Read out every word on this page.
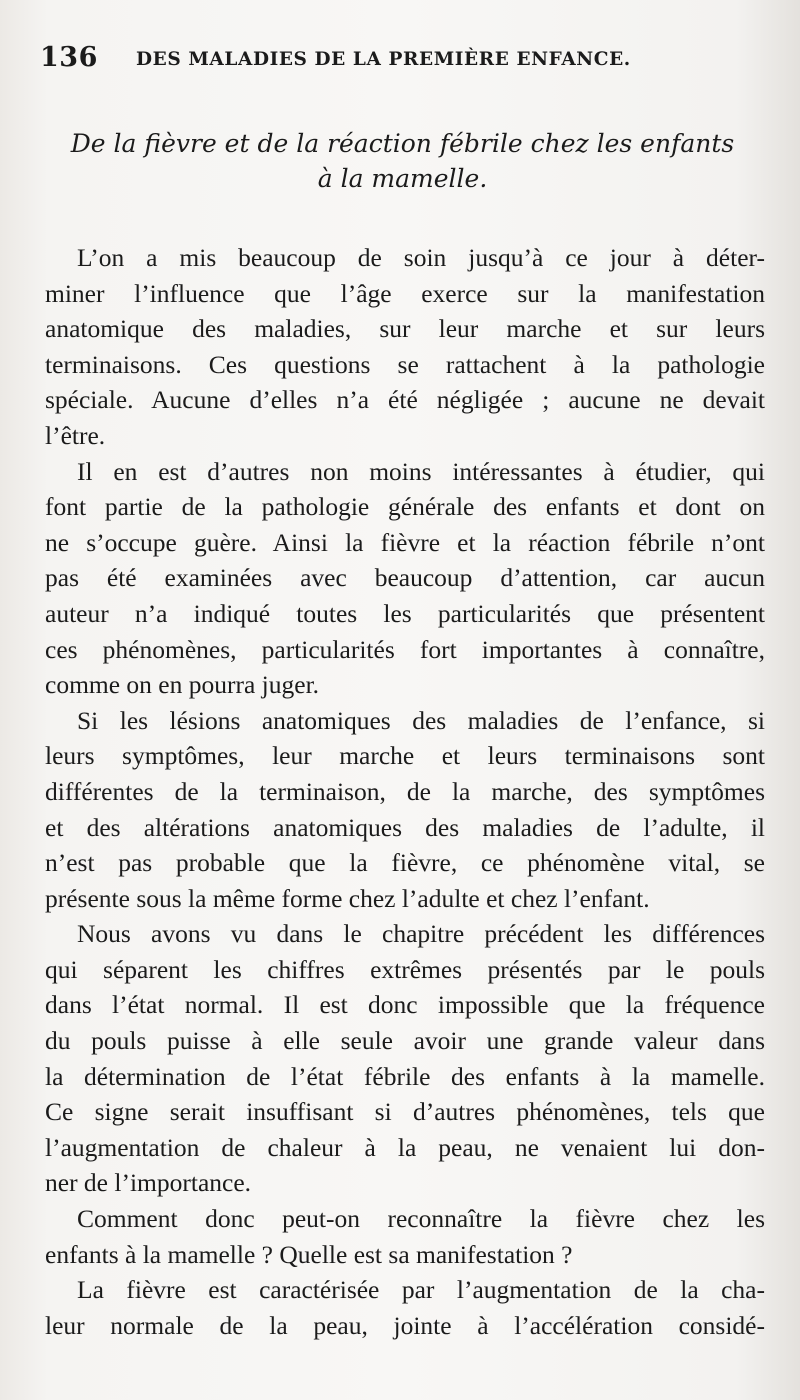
136 DES MALADIES DE LA PREMIÈRE ENFANCE.
De la fièvre et de la réaction fébrile chez les enfants
à la mamelle.
L’on a mis beaucoup de soin jusqu’à ce jour à déter-
miner l’influence que l’âge exerce sur la manifestation
anatomique des maladies, sur leur marche et sur leurs
terminaisons. Ces questions se rattachent à la pathologie
spéciale. Aucune d’elles n’a été négligée ; aucune ne devait
l’être.
Il en est d’autres non moins intéressantes à étudier, qui
font partie de la pathologie générale des enfants et dont on
ne s’occupe guère. Ainsi la fièvre et la réaction fébrile n’ont
pas été examinées avec beaucoup d’attention, car aucun
auteur n’a indiqué toutes les particularités que présentent
ces phénomènes, particularités fort importantes à connaître,
comme on en pourra juger.
Si les lésions anatomiques des maladies de l’enfance, si
leurs symptômes, leur marche et leurs terminaisons sont
différentes de la terminaison, de la marche, des symptômes
et des altérations anatomiques des maladies de l’adulte, il
n’est pas probable que la fièvre, ce phénomène vital, se
présente sous la même forme chez l’adulte et chez l’enfant.
Nous avons vu dans le chapitre précédent les différences
qui séparent les chiffres extrêmes présentés par le pouls
dans l’état normal. Il est donc impossible que la fréquence
du pouls puisse à elle seule avoir une grande valeur dans
la détermination de l’état fébrile des enfants à la mamelle.
Ce signe serait insuffisant si d’autres phénomènes, tels que
l’augmentation de chaleur à la peau, ne venaient lui don-
ner de l’importance.
Comment donc peut-on reconnaître la fièvre chez les
enfants à la mamelle ? Quelle est sa manifestation ?
La fièvre est caractérisée par l’augmentation de la cha-
leur normale de la peau, jointe à l’accélération considé-
